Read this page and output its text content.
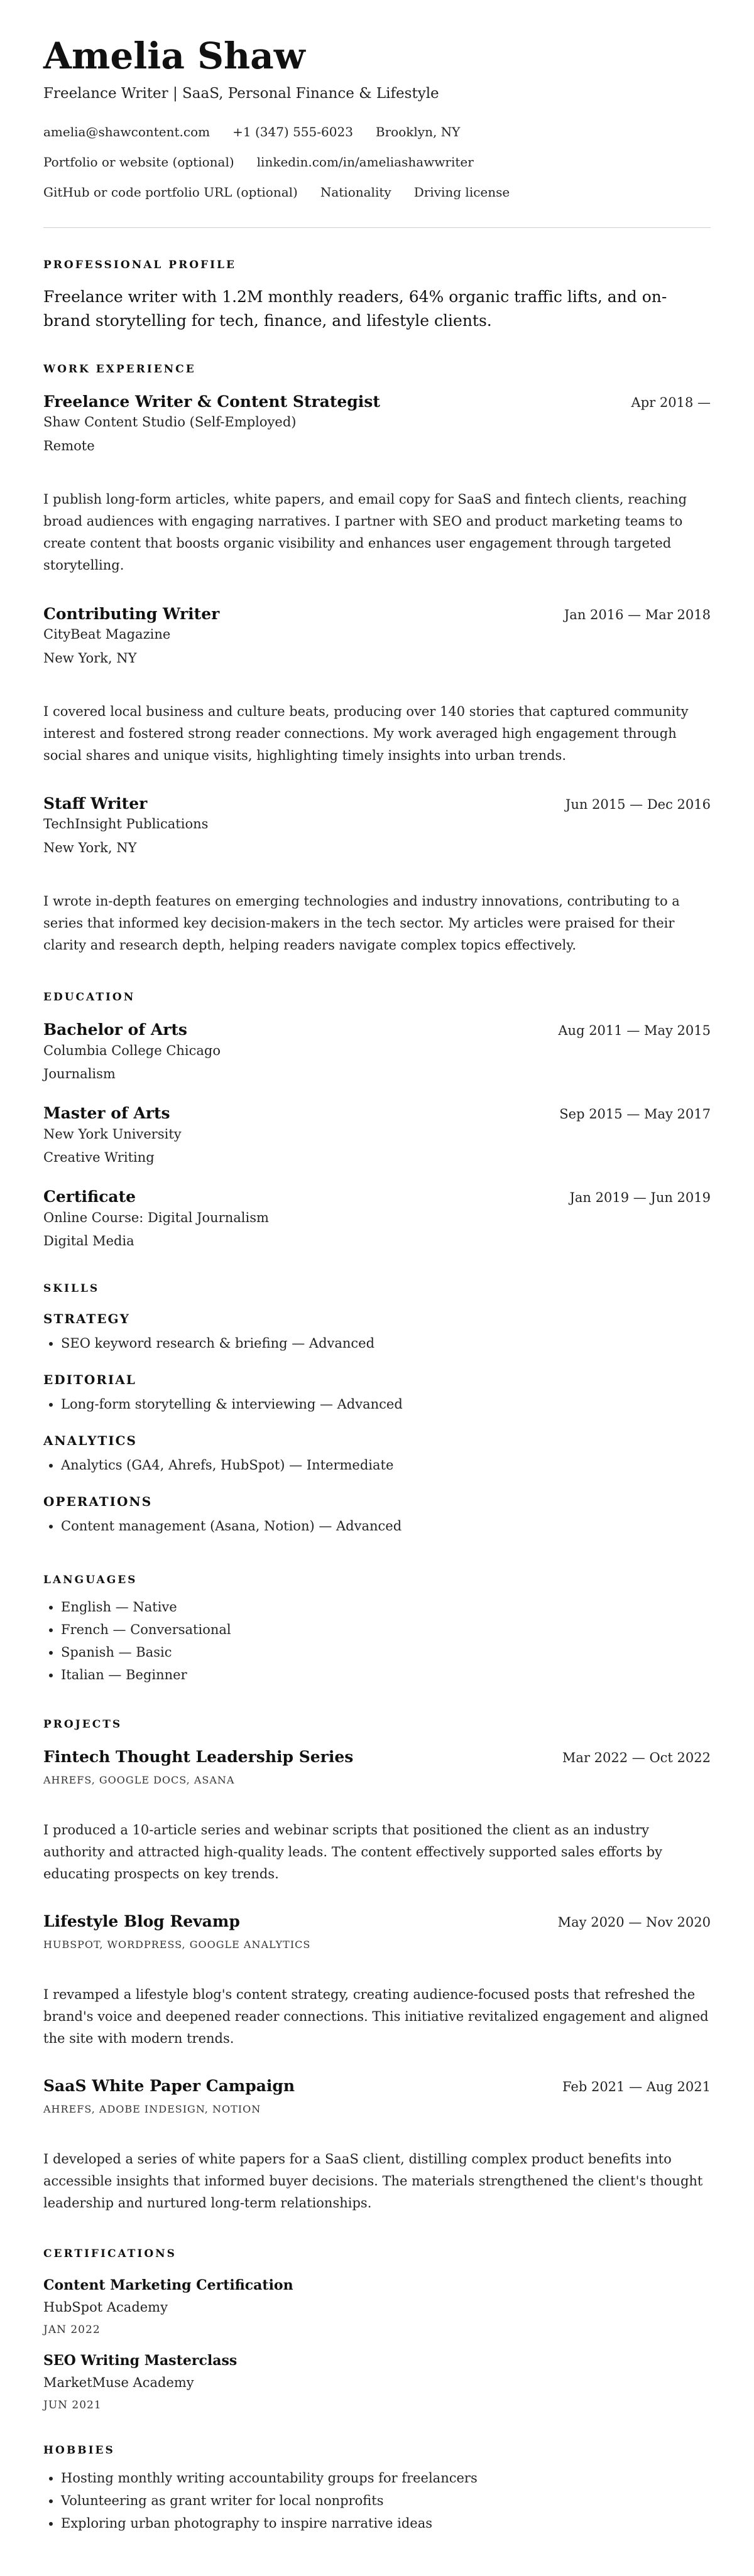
Amelia Shaw
Freelance Writer | SaaS, Personal Finance & Lifestyle
amelia@shawcontent.com +1 (347) 555-6023 Brooklyn, NY
Portfolio or website (optional) linkedin.com/in/ameliashawwriter
GitHub or code portfolio URL (optional) Nationality Driving license
PROFESSIONAL PROFILE
Freelance writer with 1.2M monthly readers, 64% organic traffic lifts, and on-brand storytelling for tech, finance, and lifestyle clients.
WORK EXPERIENCE
Freelance Writer & Content Strategist	Apr 2018 —
Shaw Content Studio (Self-Employed)
Remote
I publish long-form articles, white papers, and email copy for SaaS and fintech clients, reaching broad audiences with engaging narratives. I partner with SEO and product marketing teams to create content that boosts organic visibility and enhances user engagement through targeted storytelling.
Contributing Writer	Jan 2016 — Mar 2018
CityBeat Magazine
New York, NY
I covered local business and culture beats, producing over 140 stories that captured community interest and fostered strong reader connections. My work averaged high engagement through social shares and unique visits, highlighting timely insights into urban trends.
Staff Writer	Jun 2015 — Dec 2016
TechInsight Publications
New York, NY
I wrote in-depth features on emerging technologies and industry innovations, contributing to a series that informed key decision-makers in the tech sector. My articles were praised for their clarity and research depth, helping readers navigate complex topics effectively.
EDUCATION
Bachelor of Arts	Aug 2011 — May 2015
Columbia College Chicago
Journalism
Master of Arts	Sep 2015 — May 2017
New York University
Creative Writing
Certificate	Jan 2019 — Jun 2019
Online Course: Digital Journalism
Digital Media
SKILLS
STRATEGY
• SEO keyword research & briefing — Advanced
EDITORIAL
• Long-form storytelling & interviewing — Advanced
ANALYTICS
• Analytics (GA4, Ahrefs, HubSpot) — Intermediate
OPERATIONS
• Content management (Asana, Notion) — Advanced
LANGUAGES
• English — Native
• French — Conversational
• Spanish — Basic
• Italian — Beginner
PROJECTS
Fintech Thought Leadership Series	Mar 2022 — Oct 2022
AHREFS, GOOGLE DOCS, ASANA
I produced a 10-article series and webinar scripts that positioned the client as an industry authority and attracted high-quality leads. The content effectively supported sales efforts by educating prospects on key trends.
Lifestyle Blog Revamp	May 2020 — Nov 2020
HUBSPOT, WORDPRESS, GOOGLE ANALYTICS
I revamped a lifestyle blog's content strategy, creating audience-focused posts that refreshed the brand's voice and deepened reader connections. This initiative revitalized engagement and aligned the site with modern trends.
SaaS White Paper Campaign	Feb 2021 — Aug 2021
AHREFS, ADOBE INDESIGN, NOTION
I developed a series of white papers for a SaaS client, distilling complex product benefits into accessible insights that informed buyer decisions. The materials strengthened the client's thought leadership and nurtured long-term relationships.
CERTIFICATIONS
Content Marketing Certification
HubSpot Academy
JAN 2022
SEO Writing Masterclass
MarketMuse Academy
JUN 2021
HOBBIES
• Hosting monthly writing accountability groups for freelancers
• Volunteering as grant writer for local nonprofits
• Exploring urban photography to inspire narrative ideas
